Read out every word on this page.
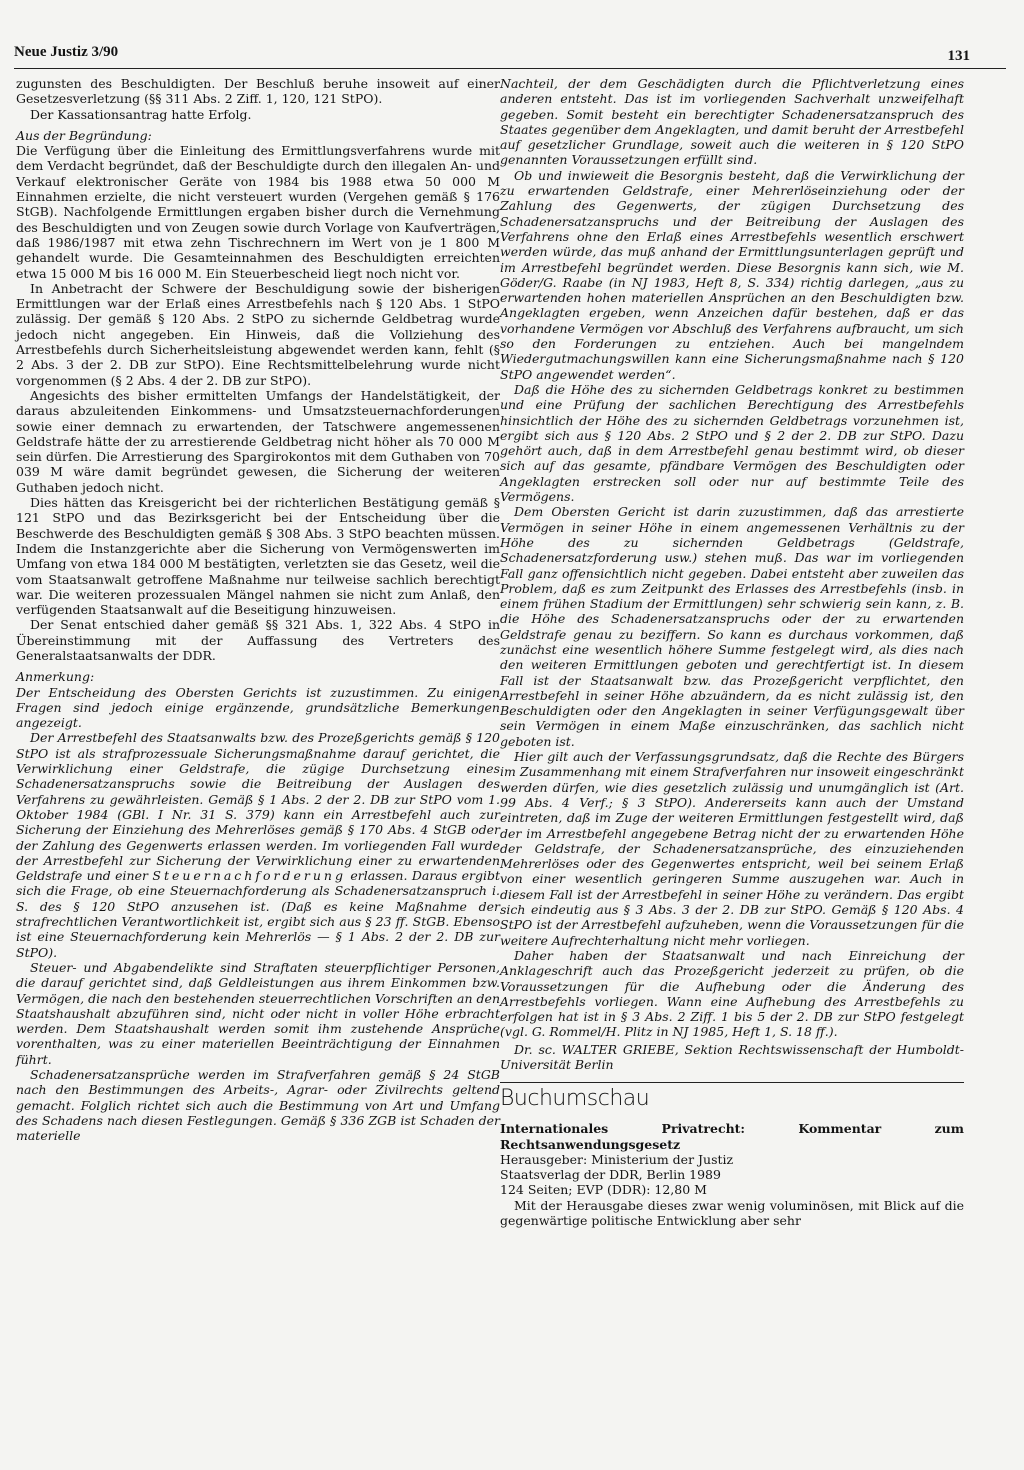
Neue Justiz 3/90	131

zugunsten des Beschuldigten. Der Beschluß beruhe insoweit auf einer Gesetzesverletzung (§§ 311 Abs. 2 Ziff. 1, 120, 121 StPO).

Der Kassationsantrag hatte Erfolg.

Aus der Begründung:

Die Verfügung über die Einleitung des Ermittlungsverfahrens wurde mit dem Verdacht begründet, daß der Beschuldigte durch den illegalen An- und Verkauf elektronischer Geräte von 1984 bis 1988 etwa 50 000 M Einnahmen erzielte, die nicht versteuert wurden (Vergehen gemäß § 176 StGB). Nachfolgende Ermittlungen ergaben bisher durch die Vernehmung des Beschuldigten und von Zeugen sowie durch Vorlage von Kaufverträgen, daß 1986/1987 mit etwa zehn Tischrechnern im Wert von je 1 800 M gehandelt wurde. Die Gesamteinnahmen des Beschuldigten erreichten etwa 15 000 M bis 16 000 M. Ein Steuerbescheid liegt noch nicht vor.

In Anbetracht der Schwere der Beschuldigung sowie der bisherigen Ermittlungen war der Erlaß eines Arrestbefehls nach § 120 Abs. 1 StPO zulässig. Der gemäß § 120 Abs. 2 StPO zu sichernde Geldbetrag wurde jedoch nicht angegeben. Ein Hinweis, daß die Vollziehung des Arrestbefehls durch Sicherheitsleistung abgewendet werden kann, fehlt (§ 2 Abs. 3 der 2. DB zur StPO). Eine Rechtsmittelbelehrung wurde nicht vorgenommen (§ 2 Abs. 4 der 2. DB zur StPO).

Angesichts des bisher ermittelten Umfangs der Handelstätigkeit, der daraus abzuleitenden Einkommens- und Umsatzsteuernachforderungen sowie einer demnach zu erwartenden, der Tatschwere angemessenen Geldstrafe hätte der zu arrestierende Geldbetrag nicht höher als 70 000 M sein dürfen. Die Arrestierung des Spargirokontos mit dem Guthaben von 70 039 M wäre damit begründet gewesen, die Sicherung der weiteren Guthaben jedoch nicht.

Dies hätten das Kreisgericht bei der richterlichen Bestätigung gemäß § 121 StPO und das Bezirksgericht bei der Entscheidung über die Beschwerde des Beschuldigten gemäß § 308 Abs. 3 StPO beachten müssen. Indem die Instanzgerichte aber die Sicherung von Vermögenswerten im Umfang von etwa 184 000 M bestätigten, verletzten sie das Gesetz, weil die vom Staatsanwalt getroffene Maßnahme nur teilweise sachlich berechtigt war. Die weiteren prozessualen Mängel nahmen sie nicht zum Anlaß, den verfügenden Staatsanwalt auf die Beseitigung hinzuweisen.

Der Senat entschied daher gemäß §§ 321 Abs. 1, 322 Abs. 4 StPO in Übereinstimmung mit der Auffassung des Vertreters des Generalstaatsanwalts der DDR.

Anmerkung:

Der Entscheidung des Obersten Gerichts ist zuzustimmen. Zu einigen Fragen sind jedoch einige ergänzende, grundsätzliche Bemerkungen angezeigt.

Der Arrestbefehl des Staatsanwalts bzw. des Prozeßgerichts gemäß § 120 StPO ist als strafprozessuale Sicherungsmaßnahme darauf gerichtet, die Verwirklichung einer Geldstrafe, die zügige Durchsetzung eines Schadenersatzanspruchs sowie die Beitreibung der Auslagen des Verfahrens zu gewährleisten. Gemäß § 1 Abs. 2 der 2. DB zur StPO vom 1. Oktober 1984 (GBl. I Nr. 31 S. 379) kann ein Arrestbefehl auch zur Sicherung der Einziehung des Mehrerlöses gemäß § 170 Abs. 4 StGB oder der Zahlung des Gegenwerts erlassen werden. Im vorliegenden Fall wurde der Arrestbefehl zur Sicherung der Verwirklichung einer zu erwartenden Geldstrafe und einer Steuernachforderung erlassen. Daraus ergibt sich die Frage, ob eine Steuernachforderung als Schadenersatzanspruch i. S. des § 120 StPO anzusehen ist. (Daß es keine Maßnahme der strafrechtlichen Verantwortlichkeit ist, ergibt sich aus § 23 ff. StGB. Ebenso ist eine Steuernachforderung kein Mehrerlös — § 1 Abs. 2 der 2. DB zur StPO).

Steuer- und Abgabendelikte sind Straftaten steuerpflichtiger Personen, die darauf gerichtet sind, daß Geldleistungen aus ihrem Einkommen bzw. Vermögen, die nach den bestehenden steuerrechtlichen Vorschriften an den Staatshaushalt abzuführen sind, nicht oder nicht in voller Höhe erbracht werden. Dem Staatshaushalt werden somit ihm zustehende Ansprüche vorenthalten, was zu einer materiellen Beeinträchtigung der Einnahmen führt.

Schadenersatzansprüche werden im Strafverfahren gemäß § 24 StGB nach den Bestimmungen des Arbeits-, Agrar- oder Zivilrechts geltend gemacht. Folglich richtet sich auch die Bestimmung von Art und Umfang des Schadens nach diesen Festlegungen. Gemäß § 336 ZGB ist Schaden der materielle

Nachteil, der dem Geschädigten durch die Pflichtverletzung eines anderen entsteht. Das ist im vorliegenden Sachverhalt unzweifelhaft gegeben. Somit besteht ein berechtigter Schadenersatzanspruch des Staates gegenüber dem Angeklagten, und damit beruht der Arrestbefehl auf gesetzlicher Grundlage, soweit auch die weiteren in § 120 StPO genannten Voraussetzungen erfüllt sind.

Ob und inwieweit die Besorgnis besteht, daß die Verwirklichung der zu erwartenden Geldstrafe, einer Mehrerlöseinziehung oder der Zahlung des Gegenwerts, der zügigen Durchsetzung des Schadenersatzanspruchs und der Beitreibung der Auslagen des Verfahrens ohne den Erlaß eines Arrestbefehls wesentlich erschwert werden würde, das muß anhand der Ermittlungsunterlagen geprüft und im Arrestbefehl begründet werden. Diese Besorgnis kann sich, wie M. Göder/G. Raabe (in NJ 1983, Heft 8, S. 334) richtig darlegen, „aus zu erwartenden hohen materiellen Ansprüchen an den Beschuldigten bzw. Angeklagten ergeben, wenn Anzeichen dafür bestehen, daß er das vorhandene Vermögen vor Abschluß des Verfahrens aufbraucht, um sich so den Forderungen zu entziehen. Auch bei mangelndem Wiedergutmachungswillen kann eine Sicherungsmaßnahme nach § 120 StPO angewendet werden“.

Daß die Höhe des zu sichernden Geldbetrags konkret zu bestimmen und eine Prüfung der sachlichen Berechtigung des Arrestbefehls hinsichtlich der Höhe des zu sichernden Geldbetrags vorzunehmen ist, ergibt sich aus § 120 Abs. 2 StPO und § 2 der 2. DB zur StPO. Dazu gehört auch, daß in dem Arrestbefehl genau bestimmt wird, ob dieser sich auf das gesamte, pfändbare Vermögen des Beschuldigten oder Angeklagten erstrecken soll oder nur auf bestimmte Teile des Vermögens.

Dem Obersten Gericht ist darin zuzustimmen, daß das arrestierte Vermögen in seiner Höhe in einem angemessenen Verhältnis zu der Höhe des zu sichernden Geldbetrags (Geldstrafe, Schadenersatzforderung usw.) stehen muß. Das war im vorliegenden Fall ganz offensichtlich nicht gegeben. Dabei entsteht aber zuweilen das Problem, daß es zum Zeitpunkt des Erlasses des Arrestbefehls (insb. in einem frühen Stadium der Ermittlungen) sehr schwierig sein kann, z. B. die Höhe des Schadenersatzanspruchs oder der zu erwartenden Geldstrafe genau zu beziffern. So kann es durchaus vorkommen, daß zunächst eine wesentlich höhere Summe festgelegt wird, als dies nach den weiteren Ermittlungen geboten und gerechtfertigt ist. In diesem Fall ist der Staatsanwalt bzw. das Prozeßgericht verpflichtet, den Arrestbefehl in seiner Höhe abzuändern, da es nicht zulässig ist, den Beschuldigten oder den Angeklagten in seiner Verfügungsgewalt über sein Vermögen in einem Maße einzuschränken, das sachlich nicht geboten ist.

Hier gilt auch der Verfassungsgrundsatz, daß die Rechte des Bürgers im Zusammenhang mit einem Strafverfahren nur insoweit eingeschränkt werden dürfen, wie dies gesetzlich zulässig und unumgänglich ist (Art. 99 Abs. 4 Verf.; § 3 StPO). Andererseits kann auch der Umstand eintreten, daß im Zuge der weiteren Ermittlungen festgestellt wird, daß der im Arrestbefehl angegebene Betrag nicht der zu erwartenden Höhe der Geldstrafe, der Schadenersatzansprüche, des einzuziehenden Mehrerlöses oder des Gegenwertes entspricht, weil bei seinem Erlaß von einer wesentlich geringeren Summe auszugehen war. Auch in diesem Fall ist der Arrestbefehl in seiner Höhe zu verändern. Das ergibt sich eindeutig aus § 3 Abs. 3 der 2. DB zur StPO. Gemäß § 120 Abs. 4 StPO ist der Arrestbefehl aufzuheben, wenn die Voraussetzungen für die weitere Aufrechterhaltung nicht mehr vorliegen.

Daher haben der Staatsanwalt und nach Einreichung der Anklageschrift auch das Prozeßgericht jederzeit zu prüfen, ob die Voraussetzungen für die Aufhebung oder die Änderung des Arrestbefehls vorliegen. Wann eine Aufhebung des Arrestbefehls zu erfolgen hat ist in § 3 Abs. 2 Ziff. 1 bis 5 der 2. DB zur StPO festgelegt (vgl. G. Rommel/H. Plitz in NJ 1985, Heft 1, S. 18 ff.).

Dr. sc. WALTER GRIEBE, Sektion Rechtswissenschaft der Humboldt-Universität Berlin

Buchumschau

Internationales Privatrecht: Kommentar zum Rechtsanwendungsgesetz

Herausgeber: Ministerium der Justiz

Staatsverlag der DDR, Berlin 1989

124 Seiten; EVP (DDR): 12,80 M

Mit der Herausgabe dieses zwar wenig voluminösen, mit Blick auf die gegenwärtige politische Entwicklung aber sehr
